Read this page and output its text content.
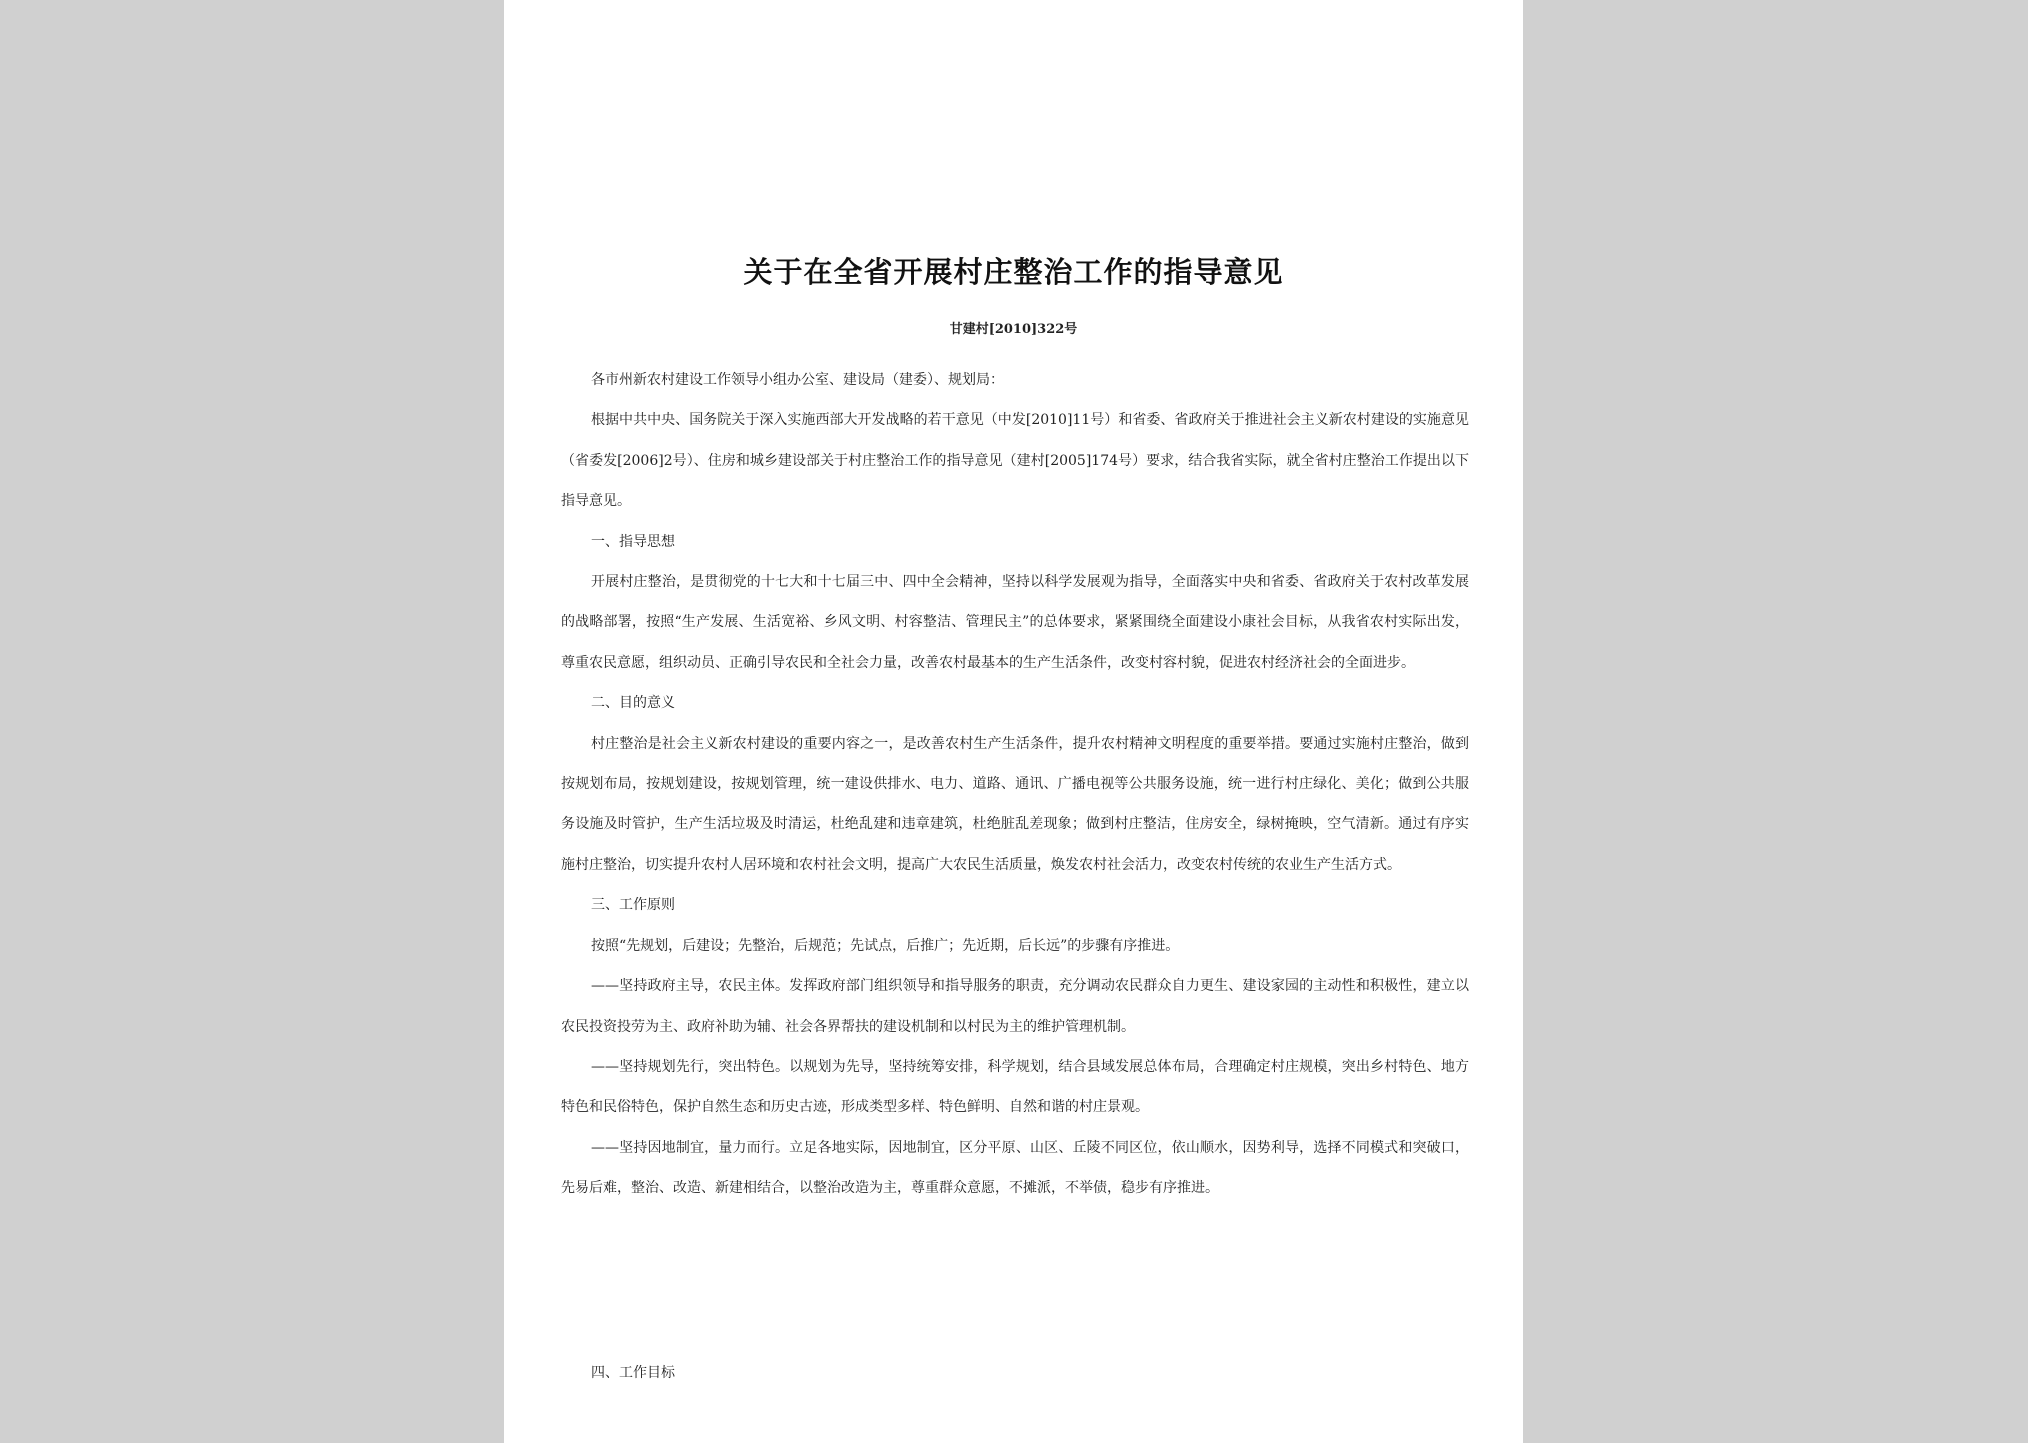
关于在全省开展村庄整治工作的指导意见
甘建村[2010]322号

各市州新农村建设工作领导小组办公室、建设局（建委）、规划局：

根据中共中央、国务院关于深入实施西部大开发战略的若干意见（中发[2010]11号）和省委、省政府关于推进社会主义新农村建设的实施意见（省委发[2006]2号）、住房和城乡建设部关于村庄整治工作的指导意见（建村[2005]174号）要求，结合我省实际，就全省村庄整治工作提出以下指导意见。

一、指导思想

开展村庄整治，是贯彻党的十七大和十七届三中、四中全会精神，坚持以科学发展观为指导，全面落实中央和省委、省政府关于农村改革发展的战略部署，按照“生产发展、生活宽裕、乡风文明、村容整洁、管理民主”的总体要求，紧紧围绕全面建设小康社会目标，从我省农村实际出发，尊重农民意愿，组织动员、正确引导农民和全社会力量，改善农村最基本的生产生活条件，改变村容村貌，促进农村经济社会的全面进步。

二、目的意义

村庄整治是社会主义新农村建设的重要内容之一，是改善农村生产生活条件，提升农村精神文明程度的重要举措。要通过实施村庄整治，做到按规划布局，按规划建设，按规划管理，统一建设供排水、电力、道路、通讯、广播电视等公共服务设施，统一进行村庄绿化、美化；做到公共服务设施及时管护，生产生活垃圾及时清运，杜绝乱建和违章建筑，杜绝脏乱差现象；做到村庄整洁，住房安全，绿树掩映，空气清新。通过有序实施村庄整治，切实提升农村人居环境和农村社会文明，提高广大农民生活质量，焕发农村社会活力，改变农村传统的农业生产生活方式。

三、工作原则

按照“先规划，后建设；先整治，后规范；先试点，后推广；先近期，后长远”的步骤有序推进。

——坚持政府主导，农民主体。发挥政府部门组织领导和指导服务的职责，充分调动农民群众自力更生、建设家园的主动性和积极性，建立以农民投资投劳为主、政府补助为辅、社会各界帮扶的建设机制和以村民为主的维护管理机制。

——坚持规划先行，突出特色。以规划为先导，坚持统筹安排，科学规划，结合县域发展总体布局，合理确定村庄规模，突出乡村特色、地方特色和民俗特色，保护自然生态和历史古迹，形成类型多样、特色鲜明、自然和谐的村庄景观。

——坚持因地制宜，量力而行。立足各地实际，因地制宜，区分平原、山区、丘陵不同区位，依山顺水，因势利导，选择不同模式和突破口，先易后难，整治、改造、新建相结合，以整治改造为主，尊重群众意愿，不摊派，不举债，稳步有序推进。

四、工作目标
